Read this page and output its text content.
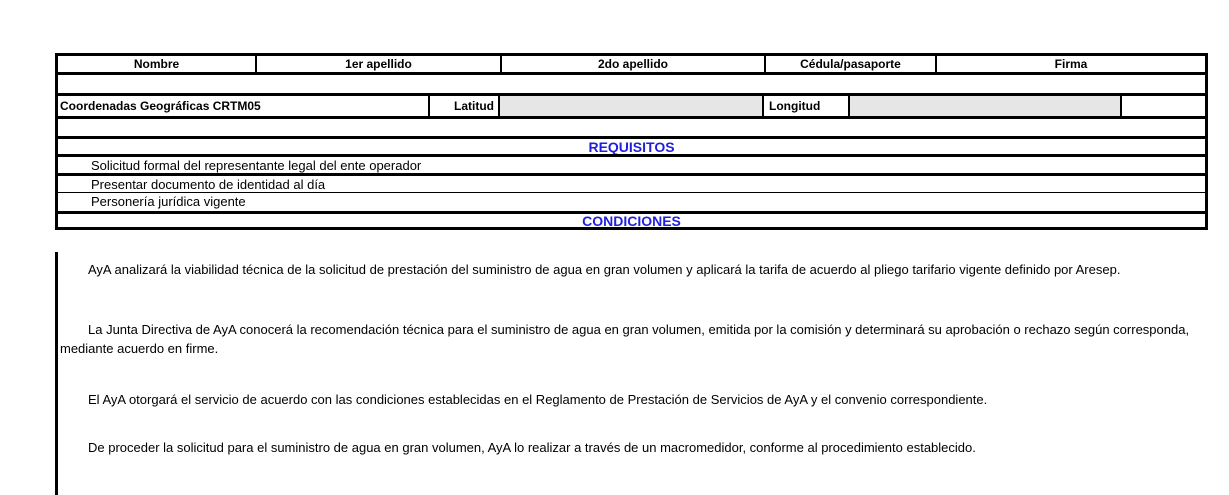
Nombre	1er apellido	2do apellido	Cédula/pasaporte	Firma
Coordenadas Geográficas CRTM05	Latitud	Longitud
REQUISITOS
Solicitud formal del representante legal del ente operador
Presentar documento de identidad al día
Personería jurídica vigente
CONDICIONES

AyA analizará la viabilidad técnica de la solicitud de prestación del suministro de agua en gran volumen y aplicará la tarifa de acuerdo al pliego tarifario vigente definido por Aresep.

La Junta Directiva de AyA conocerá la recomendación técnica para el suministro de agua en gran volumen, emitida por la comisión y determinará su aprobación o rechazo según corresponda, mediante acuerdo en firme.

El AyA otorgará el servicio de acuerdo con las condiciones establecidas en el Reglamento de Prestación de Servicios de AyA y el convenio correspondiente.

De proceder la solicitud para el suministro de agua en gran volumen, AyA lo realizar a través de un macromedidor, conforme al procedimiento establecido.
